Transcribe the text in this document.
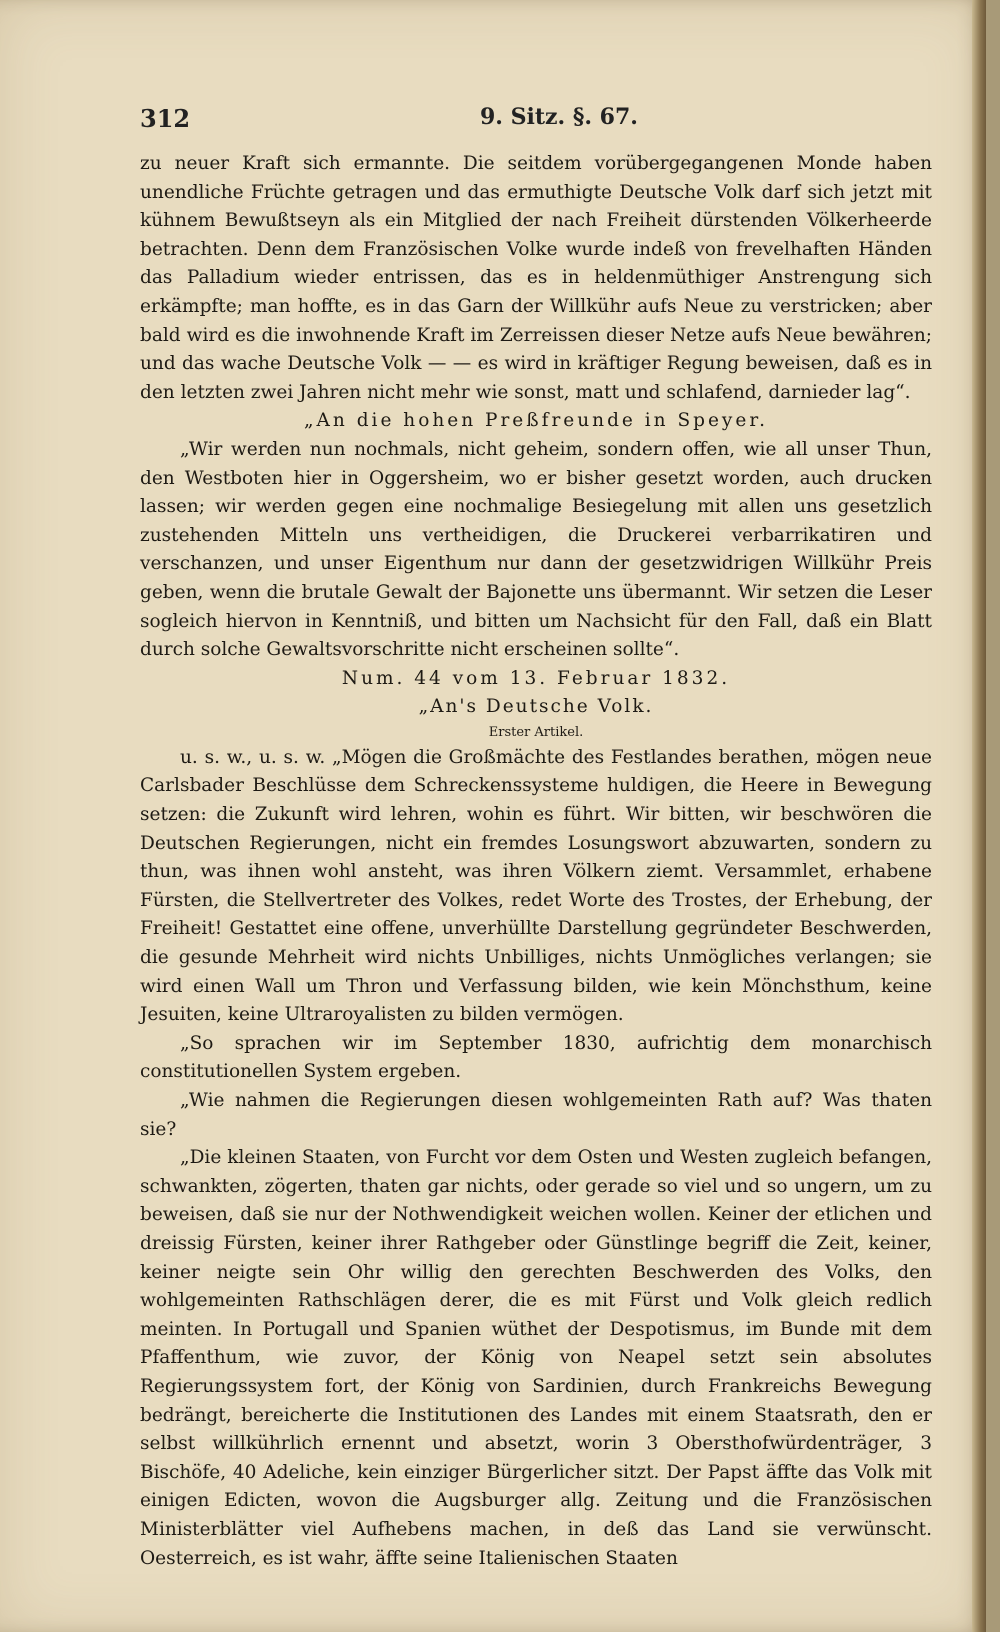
312	9. Sitz. §. 67.

zu neuer Kraft sich ermannte. Die seitdem vorübergegangenen Monde haben unendliche Früchte getragen und das ermuthigte Deutsche Volk darf sich jetzt mit kühnem Bewußtseyn als ein Mitglied der nach Freiheit dürstenden Völkerheerde betrachten. Denn dem Französischen Volke wurde indeß von frevelhaften Händen das Palladium wieder entrissen, das es in heldenmüthiger Anstrengung sich erkämpfte; man hoffte, es in das Garn der Willkühr aufs Neue zu verstricken; aber bald wird es die inwohnende Kraft im Zerreissen dieser Netze aufs Neue bewähren; und das wache Deutsche Volk — — es wird in kräftiger Regung beweisen, daß es in den letzten zwei Jahren nicht mehr wie sonst, matt und schlafend, darnieder lag“.

„An die hohen Preßfreunde in Speyer.

„Wir werden nun nochmals, nicht geheim, sondern offen, wie all unser Thun, den Westboten hier in Oggersheim, wo er bisher gesetzt worden, auch drucken lassen; wir werden gegen eine nochmalige Besiegelung mit allen uns gesetzlich zustehenden Mitteln uns vertheidigen, die Druckerei verbarrikatiren und verschanzen, und unser Eigenthum nur dann der gesetzwidrigen Willkühr Preis geben, wenn die brutale Gewalt der Bajonette uns übermannt. Wir setzen die Leser sogleich hiervon in Kenntniß, und bitten um Nachsicht für den Fall, daß ein Blatt durch solche Gewaltsvorschritte nicht erscheinen sollte“.

Num. 44 vom 13. Februar 1832.

„An's Deutsche Volk.

Erster Artikel.

u. s. w., u. s. w. „Mögen die Großmächte des Festlandes berathen, mögen neue Carlsbader Beschlüsse dem Schreckenssysteme huldigen, die Heere in Bewegung setzen: die Zukunft wird lehren, wohin es führt. Wir bitten, wir beschwören die Deutschen Regierungen, nicht ein fremdes Losungswort abzuwarten, sondern zu thun, was ihnen wohl ansteht, was ihren Völkern ziemt. Versammlet, erhabene Fürsten, die Stellvertreter des Volkes, redet Worte des Trostes, der Erhebung, der Freiheit! Gestattet eine offene, unverhüllte Darstellung gegründeter Beschwerden, die gesunde Mehrheit wird nichts Unbilliges, nichts Unmögliches verlangen; sie wird einen Wall um Thron und Verfassung bilden, wie kein Mönchsthum, keine Jesuiten, keine Ultraroyalisten zu bilden vermögen.

„So sprachen wir im September 1830, aufrichtig dem monarchisch constitutionellen System ergeben.

„Wie nahmen die Regierungen diesen wohlgemeinten Rath auf? Was thaten sie?

„Die kleinen Staaten, von Furcht vor dem Osten und Westen zugleich befangen, schwankten, zögerten, thaten gar nichts, oder gerade so viel und so ungern, um zu beweisen, daß sie nur der Nothwendigkeit weichen wollen. Keiner der etlichen und dreissig Fürsten, keiner ihrer Rathgeber oder Günstlinge begriff die Zeit, keiner, keiner neigte sein Ohr willig den gerechten Beschwerden des Volks, den wohlgemeinten Rathschlägen derer, die es mit Fürst und Volk gleich redlich meinten. In Portugall und Spanien wüthet der Despotismus, im Bunde mit dem Pfaffenthum, wie zuvor, der König von Neapel setzt sein absolutes Regierungssystem fort, der König von Sardinien, durch Frankreichs Bewegung bedrängt, bereicherte die Institutionen des Landes mit einem Staatsrath, den er selbst willkührlich ernennt und absetzt, worin 3 Obersthofwürdenträger, 3 Bischöfe, 40 Adeliche, kein einziger Bürgerlicher sitzt. Der Papst äffte das Volk mit einigen Edicten, wovon die Augsburger allg. Zeitung und die Französischen Ministerblätter viel Aufhebens machen, in deß das Land sie verwünscht. Oesterreich, es ist wahr, äffte seine Italienischen Staaten
